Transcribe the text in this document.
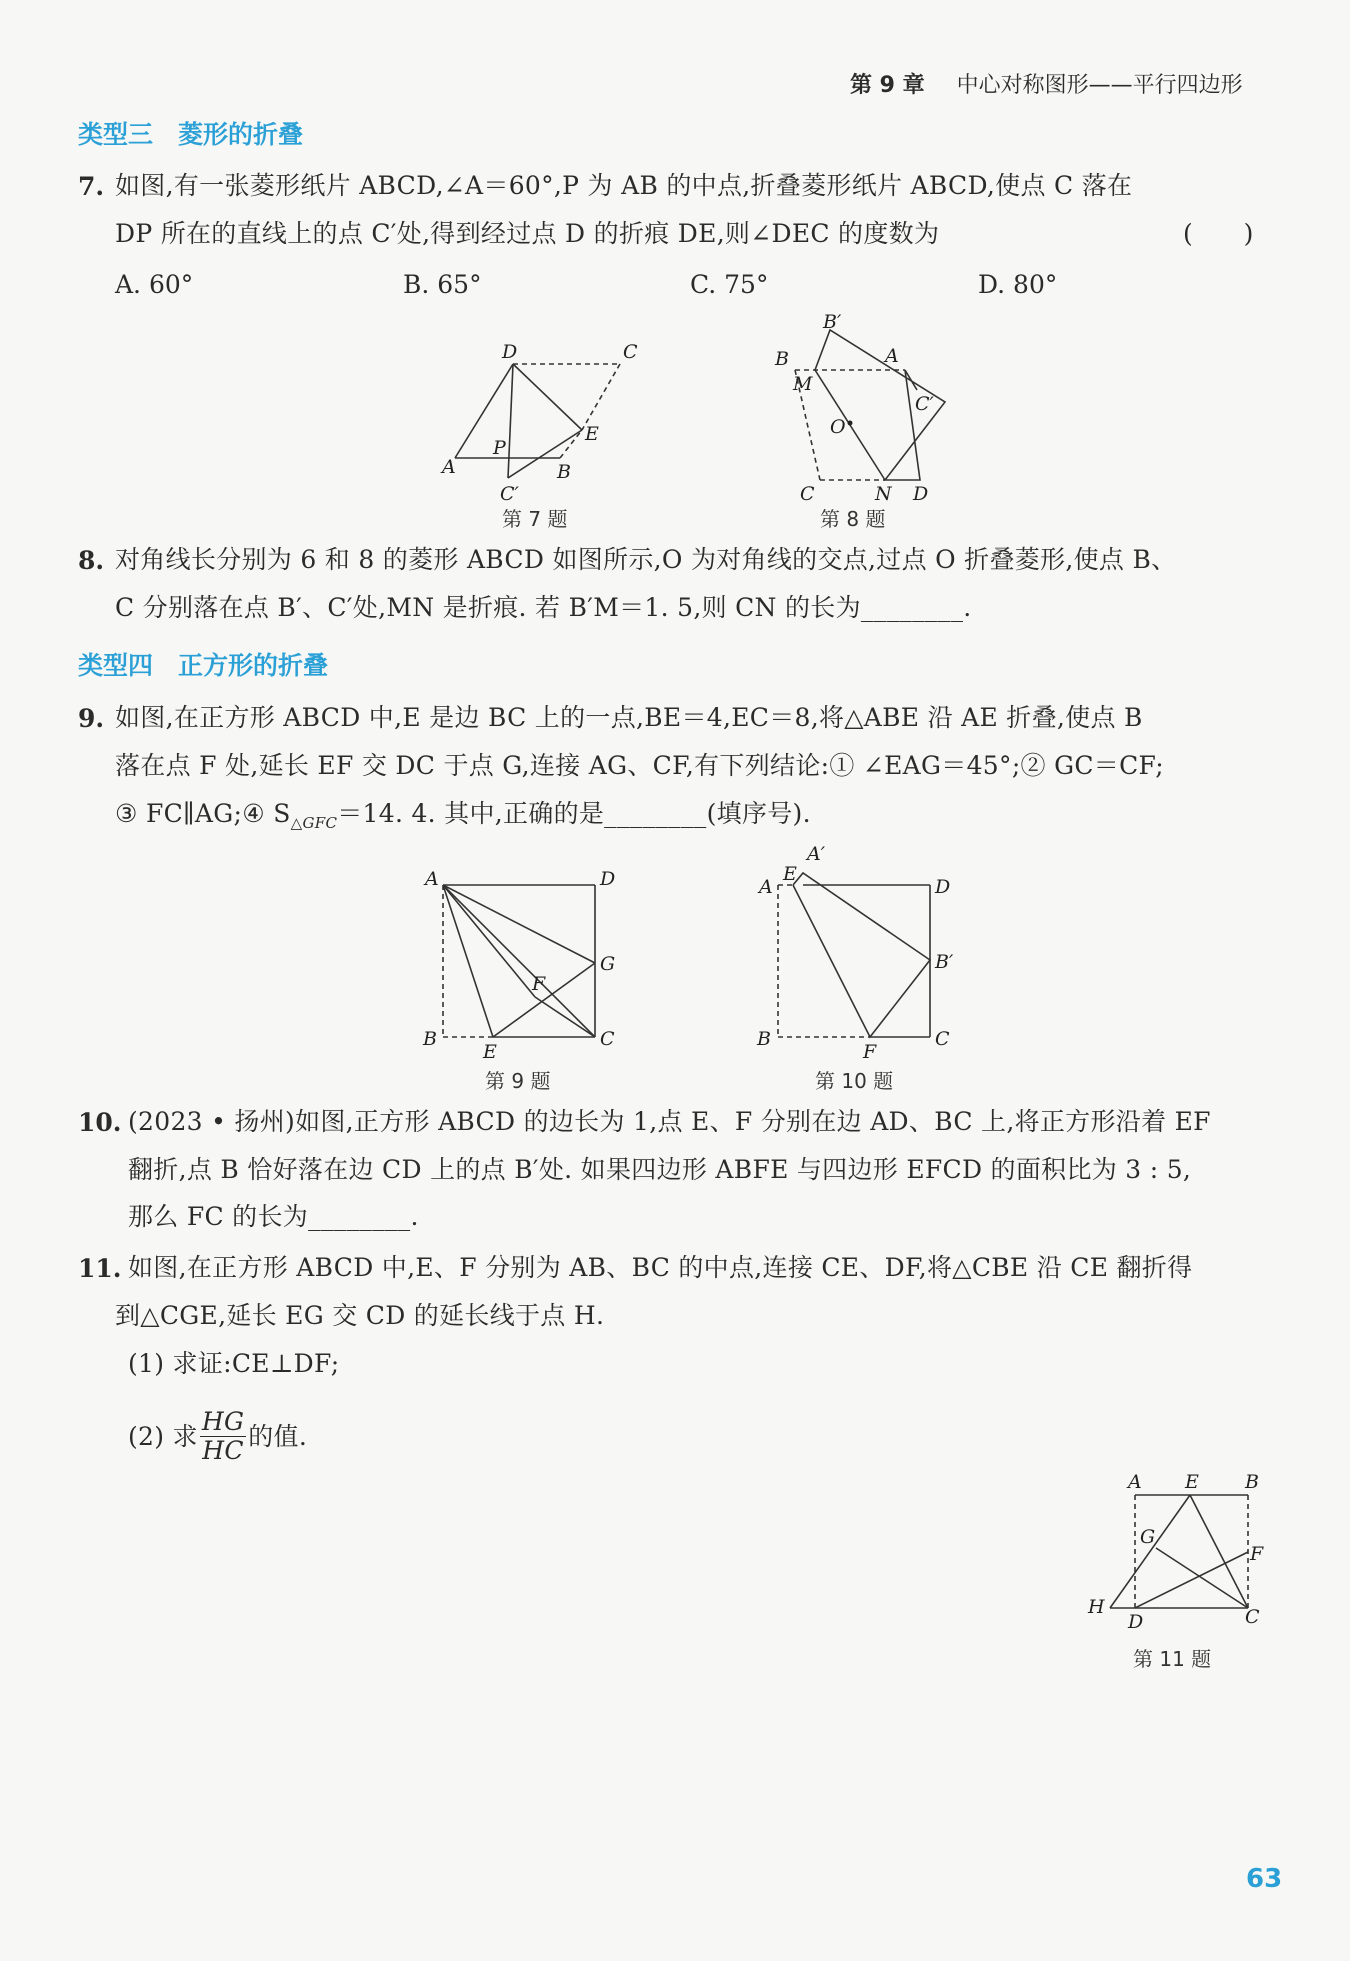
第 9 章 中心对称图形——平行四边形
类型三　菱形的折叠
7. 如图,有一张菱形纸片 ABCD,∠A＝60°,P 为 AB 的中点,折叠菱形纸片 ABCD,使点 C 落在
DP 所在的直线上的点 C′处,得到经过点 D 的折痕 DE,则∠DEC 的度数为	(　　)
A. 60°	B. 65°	C. 75°	D. 80°
D	C
A	B
P
E
C′
第 7 题
B′
B	A
M
C′
O
C	N D
第 8 题
8. 对角线长分别为 6 和 8 的菱形 ABCD 如图所示,O 为对角线的交点,过点 O 折叠菱形,使点 B、
C 分别落在点 B′、C′处,MN 是折痕. 若 B′M＝1. 5,则 CN 的长为________.
类型四　正方形的折叠
9. 如图,在正方形 ABCD 中,E 是边 BC 上的一点,BE＝4,EC＝8,将△ABE 沿 AE 折叠,使点 B
落在点 F 处,延长 EF 交 DC 于点 G,连接 AG、CF,有下列结论:① ∠EAG＝45°;② GC＝CF;
③ FC∥AG;④ $S_{\triangle GFC}=14$. 4. 其中,正确的是________(填序号).
A	D
G
F
B
E
C
第 9 题
A′
E
A	D
B′
B
F
C
第 10 题
10. (2023 • 扬州)如图,正方形 ABCD 的边长为 1,点 E、F 分别在边 AD、BC 上,将正方形沿着 EF
翻折,点 B 恰好落在边 CD 上的点 B′处. 如果四边形 ABFE 与四边形 EFCD 的面积比为 3 : 5,
那么 FC 的长为________.
11. 如图,在正方形 ABCD 中,E、F 分别为 AB、BC 的中点,连接 CE、DF,将△CBE 沿 CE 翻折得
到△CGE,延长 EG 交 CD 的延长线于点 H.
(1) 求证:CE⊥DF;
(2) 求 $\frac{HG}{HC}$ 的值.
A E B
G
F
H
D	C
第 11 题
63
